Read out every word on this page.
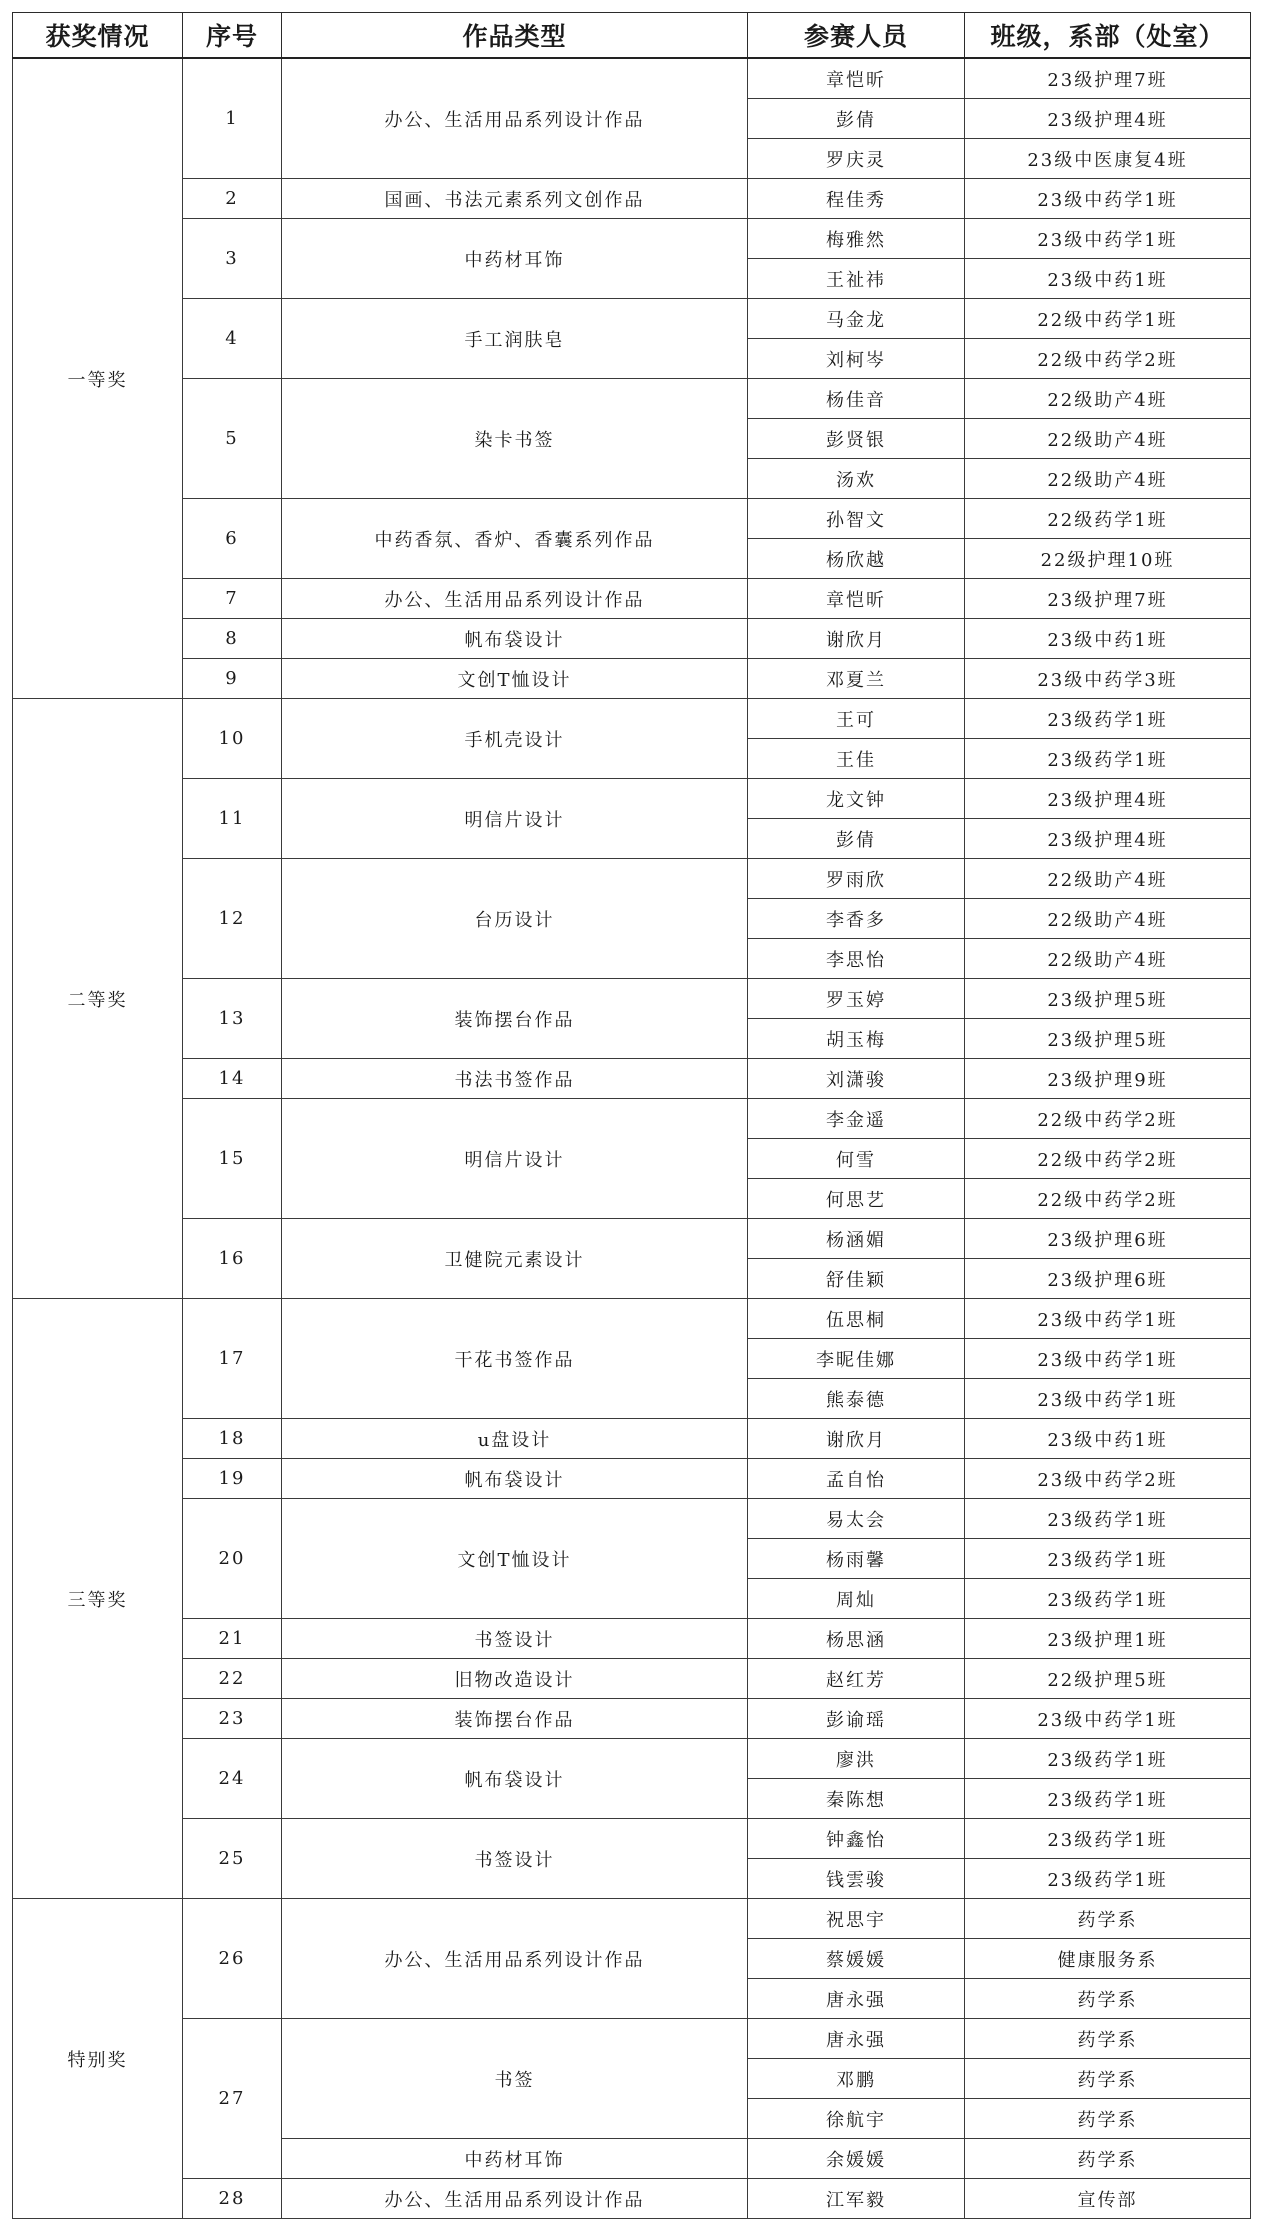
获奖情况	序号	作品类型	参赛人员	班级，系部（处室）
一等奖	1	办公、生活用品系列设计作品	章恺昕	23级护理7班
			彭倩	23级护理4班
			罗庆灵	23级中医康复4班
	2	国画、书法元素系列文创作品	程佳秀	23级中药学1班
	3	中药材耳饰	梅雅然	23级中药学1班
			王祉祎	23级中药1班
	4	手工润肤皂	马金龙	22级中药学1班
			刘柯岑	22级中药学2班
	5	染卡书签	杨佳音	22级助产4班
			彭贤银	22级助产4班
			汤欢	22级助产4班
	6	中药香氛、香炉、香囊系列作品	孙智文	22级药学1班
			杨欣越	22级护理10班
	7	办公、生活用品系列设计作品	章恺昕	23级护理7班
	8	帆布袋设计	谢欣月	23级中药1班
	9	文创T恤设计	邓夏兰	23级中药学3班
二等奖	10	手机壳设计	王可	23级药学1班
			王佳	23级药学1班
	11	明信片设计	龙文钟	23级护理4班
			彭倩	23级护理4班
	12	台历设计	罗雨欣	22级助产4班
			李香多	22级助产4班
			李思怡	22级助产4班
	13	装饰摆台作品	罗玉婷	23级护理5班
			胡玉梅	23级护理5班
	14	书法书签作品	刘潇骏	23级护理9班
	15	明信片设计	李金遥	22级中药学2班
			何雪	22级中药学2班
			何思艺	22级中药学2班
	16	卫健院元素设计	杨涵媚	23级护理6班
			舒佳颖	23级护理6班
三等奖	17	干花书签作品	伍思桐	23级中药学1班
			李昵佳娜	23级中药学1班
			熊泰德	23级中药学1班
	18	u盘设计	谢欣月	23级中药1班
	19	帆布袋设计	孟自怡	23级中药学2班
	20	文创T恤设计	易太会	23级药学1班
			杨雨馨	23级药学1班
			周灿	23级药学1班
	21	书签设计	杨思涵	23级护理1班
	22	旧物改造设计	赵红芳	22级护理5班
	23	装饰摆台作品	彭谕瑶	23级中药学1班
	24	帆布袋设计	廖洪	23级药学1班
			秦陈想	23级药学1班
	25	书签设计	钟鑫怡	23级药学1班
			钱雲骏	23级药学1班
特别奖	26	办公、生活用品系列设计作品	祝思宇	药学系
			蔡媛媛	健康服务系
			唐永强	药学系
	27	书签	唐永强	药学系
			邓鹏	药学系
			徐航宇	药学系
		中药材耳饰	余媛媛	药学系
	28	办公、生活用品系列设计作品	江军毅	宣传部
